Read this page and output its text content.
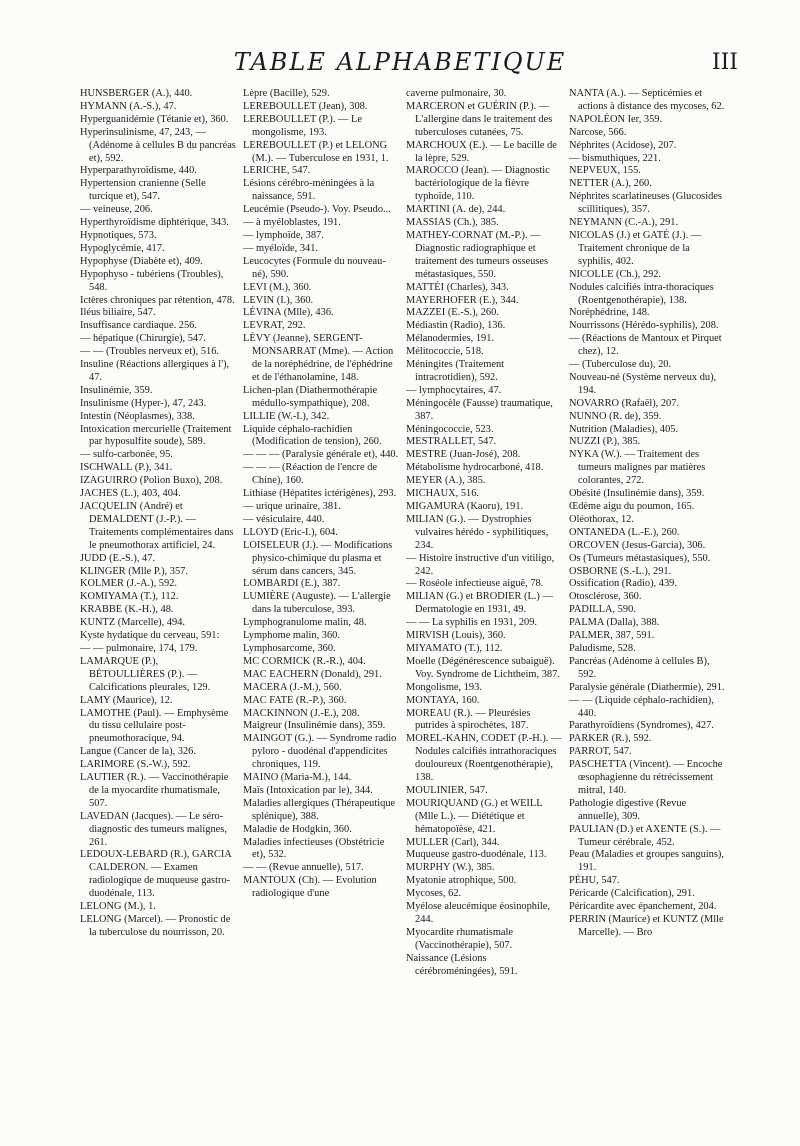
TABLE ALPHABETIQUE	III

HUNSBERGER (A.), 440.

HYMANN (A.-S.), 47.

Hyperguanidémie (Tétanie et), 360.

Hyperinsulinisme, 47, 243, — (Adénome à cellules B du pancréas et), 592.

Hyperparathyroïdisme, 440.

Hypertension cranienne (Selle turcique et), 547.

— veineuse, 206.

Hyperthyroïdisme diphtérique, 343.

Hypnotiques, 573.

Hypoglycémie, 417.

Hypophyse (Diabète et), 409.

Hypophyso - tubériens (Troubles), 548.

Ictères chroniques par rétention, 478.

Iléus biliaire, 547.

Insuffisance cardiaque. 256.

— hépatique (Chirurgie), 547.

— — (Troubles nerveux et), 516.

Insuline (Réactions allergiques à l'), 47.

Insulinémie, 359.

Insulinisme (Hyper-), 47, 243.

Intestin (Néoplasmes), 338.

Intoxication mercurielle (Traitement par hyposulfite soude), 589.

— sulfo-carbonée, 95.

ISCHWALL (P.), 341.

IZAGUIRRO (Polion Buxo), 208.

JACHES (L.), 403, 404.

JACQUELIN (André) et DEMALDENT (J.-P.). — Traitements complémentaires dans le pneumothorax artificiel, 24.

JUDD (E.-S.), 47.

KLINGER (Mlle P.), 357.

KOLMER (J.-A.), 592.

KOMIYAMA (T.), 112.

KRABBE (K.-H.), 48.

KUNTZ (Marcelle), 494.

Kyste hydatique du cerveau, 591:

— — pulmonaire, 174, 179.

LAMARQUE (P.), BÉTOULLIÈRES (P.). — Calcifications pleurales, 129.

LAMY (Maurice), 12.

LAMOTHE (Paul). — Emphysème du tissu cellulaire post-pneumothoracique, 94.

Langue (Cancer de la), 326.

LARIMORE (S.-W.), 592.

LAUTIER (R.). — Vaccinothérapie de la myocardite rhumatismale, 507.

LAVEDAN (Jacques). — Le séro-diagnostic des tumeurs malignes, 261.

LEDOUX-LEBARD (R.), GARCIA CALDERON. — Examen radiologique de muqueuse gastro-duodénale, 113.

LELONG (M.), 1.

LELONG (Marcel). — Pronostic de la tuberculose du nourrisson, 20.

Lèpre (Bacille), 529.

LEREBOULLET (Jean), 308.

LEREBOULLET (P.). — Le mongolisme, 193.

LEREBOULLET (P.) et LELONG (M.). — Tuberculose en 1931, 1.

LERICHE, 547.

Lésions cérébro-méningées à la naissance, 591.

Leucémie (Pseudo-). Voy. Pseudo...

— à myéloblastes, 191.

— lymphoïde, 387.

— myéloïde, 341.

Leucocytes (Formule du nouveau-né), 590.

LEVI (M.), 360.

LEVIN (I.), 360.

LÉVINA (Mlle), 436.

LEVRAT, 292.

LÉVY (Jeanne), SERGENT-MONSARRAT (Mme). — Action de la noréphédrine, de l'éphédrine et de l'éthanolamine, 148.

Lichen-plan (Diathermothérapie médullo-sympathique), 208.

LILLIE (W.-I.), 342.

Liquide céphalo-rachidien (Modification de tension), 260.

— — — (Paralysie générale et), 440.

— — — (Réaction de l'encre de Chine), 160.

Lithiase (Hépatites ictérigènes), 293.

— urique urinaire, 381.

— vésiculaire, 440.

LLOYD (Eric-I.), 604.

LOISELEUR (J.). — Modifications physico-chimique du plasma et sérum dans cancers, 345.

LOMBARDI (E.), 387.

LUMIÈRE (Auguste). — L'allergie dans la tuberculose, 393.

Lymphogranulome malin, 48.

Lymphome malin, 360.

Lymphosarcome, 360.

MC CORMICK (R.-R.), 404.

MAC EACHERN (Donald), 291.

MACERA (J.-M.), 560.

MAC FATE (R.-P.), 360.

MACKINNON (J.-E.), 208.

Maigreur (Insulinémie dans), 359.

MAINGOT (G.). — Syndrome radio pyloro - duodénal d'appendicites chroniques, 119.

MAINO (Maria-M.), 144.

Maïs (Intoxication par le), 344.

Maladies allergiques (Thérapeutique splénique), 388.

Maladie de Hodgkin, 360.

Maladies infectieuses (Obstétricie et), 532.

— — (Revue annuelle), 517.

MANTOUX (Ch). — Evolution radiologique d'une

caverne pulmonaire, 30.

MARCERON et GUÉRIN (P.). — L'allergine dans le traitement des tuberculoses cutanées, 75.

MARCHOUX (E.). — Le bacille de la lèpre, 529.

MAROCCO (Jean). — Diagnostic bactériologique de la fièvre typhoïde, 110.

MARTINI (A. de), 244.

MASSIAS (Ch.), 385.

MATHEY-CORNAT (M.-P.). — Diagnostic radiographique et traitement des tumeurs osseuses métastasiques, 550.

MATTÉI (Charles), 343.

MAYERHOFER (E.), 344.

MAZZEI (E.-S.), 260.

Médiastin (Radio), 136.

Mélanodermies, 191.

Mélitococcie, 518.

Méningites (Traitement intracrotidien), 592.

— lymphocytaires, 47.

Méningocèle (Fausse) traumatique, 387.

Méningococcie, 523.

MESTRALLET, 547.

MESTRE (Juan-José), 208.

Métabolisme hydrocarboné, 418.

MEYER (A.), 385.

MICHAUX, 516.

MIGAMURA (Kaoru), 191.

MILIAN (G.). — Dystrophies vulvaires hérédo - syphilitiques, 234.

— Histoire instructive d'un vitiligo, 242.

— Roséole infectieuse aiguë, 78.

MILIAN (G.) et BRODIER (L.) — Dermatologie en 1931, 49.

— — La syphilis en 1931, 209.

MIRVISH (Louis), 360.

MIYAMATO (T.), 112.

Moelle (Dégénérescence subaiguë). Voy. Syndrome de Lichtheim, 387.

Mongolisme, 193.

MONTAYA, 160.

MOREAU (R.). — Pleurésies putrides à spirochètes, 187.

MOREL-KAHN, CODET (P.-H.). — Nodules calcifiés intrathoraciques douloureux (Roentgenothérapie), 138.

MOULINIER, 547.

MOURIQUAND (G.) et WEILL (Mlle L.). — Diététique et hématopoïèse, 421.

MULLER (Carl), 344.

Muqueuse gastro-duodénale, 113.

MURPHY (W.), 385.

Myatonie atrophique, 500.

Mycoses, 62.

Myélose aleucémique éosinophile, 244.

Myocardite rhumatismale (Vaccinothérapie), 507.

Naissance (Lésions cérébroméningées), 591.

NANTA (A.). — Septicémies et actions à distance des mycoses, 62.

NAPOLÉON Ier, 359.

Narcose, 566.

Néphrites (Acidose), 207.

— bismuthiques, 221.

NEPVEUX, 155.

NETTER (A.), 260.

Néphrites scarlatineuses (Glucosides scillitiques), 357.

NEYMANN (C.-A.), 291.

NICOLAS (J.) et GATÉ (J.). — Traitement chronique de la syphilis, 402.

NICOLLE (Ch.), 292.

Nodules calcifiés intra-thoraciques (Roentgenothérapie), 138.

Noréphédrine, 148.

Nourrissons (Hérédo-syphilis), 208.

— (Réactions de Mantoux et Pirquet chez), 12.

— (Tuberculose du), 20.

Nouveau-né (Système nerveux du), 194.

NOVARRO (Rafaël), 207.

NUNNO (R. de), 359.

Nutrition (Maladies), 405.

NUZZI (P.), 385.

NYKA (W.). — Traitement des tumeurs malignes par matières colorantes, 272.

Obésité (Insulinémie dans), 359.

Œdème aigu du poumon, 165.

Oléothorax, 12.

ONTANEDA (L.-E.), 260.

ORCOVEN (Jesus-Garcia), 306.

Os (Tumeurs métastasiques), 550.

OSBORNE (S.-L.), 291.

Ossification (Radio), 439.

Otosclérose, 360.

PADILLA, 590.

PALMA (Dalla), 388.

PALMER, 387, 591.

Paludisme, 528.

Pancréas (Adénome à cellules B), 592.

Paralysie générale (Diathermie), 291.

— — (Liquide céphalo-rachidien), 440.

Parathyroïdiens (Syndromes), 427.

PARKER (R.), 592.

PARROT, 547.

PASCHETTA (Vincent). — Encoche œsophagienne du rétrécissement mitral, 140.

Pathologie digestive (Revue annuelle), 309.

PAULIAN (D.) et AXENTE (S.). — Tumeur cérébrale, 452.

Peau (Maladies et groupes sanguins), 191.

PÉHU, 547.

Péricarde (Calcification), 291.

Péricardite avec épanchement, 204.

PERRIN (Maurice) et KUNTZ (Mlle Marcelle). — Bro
